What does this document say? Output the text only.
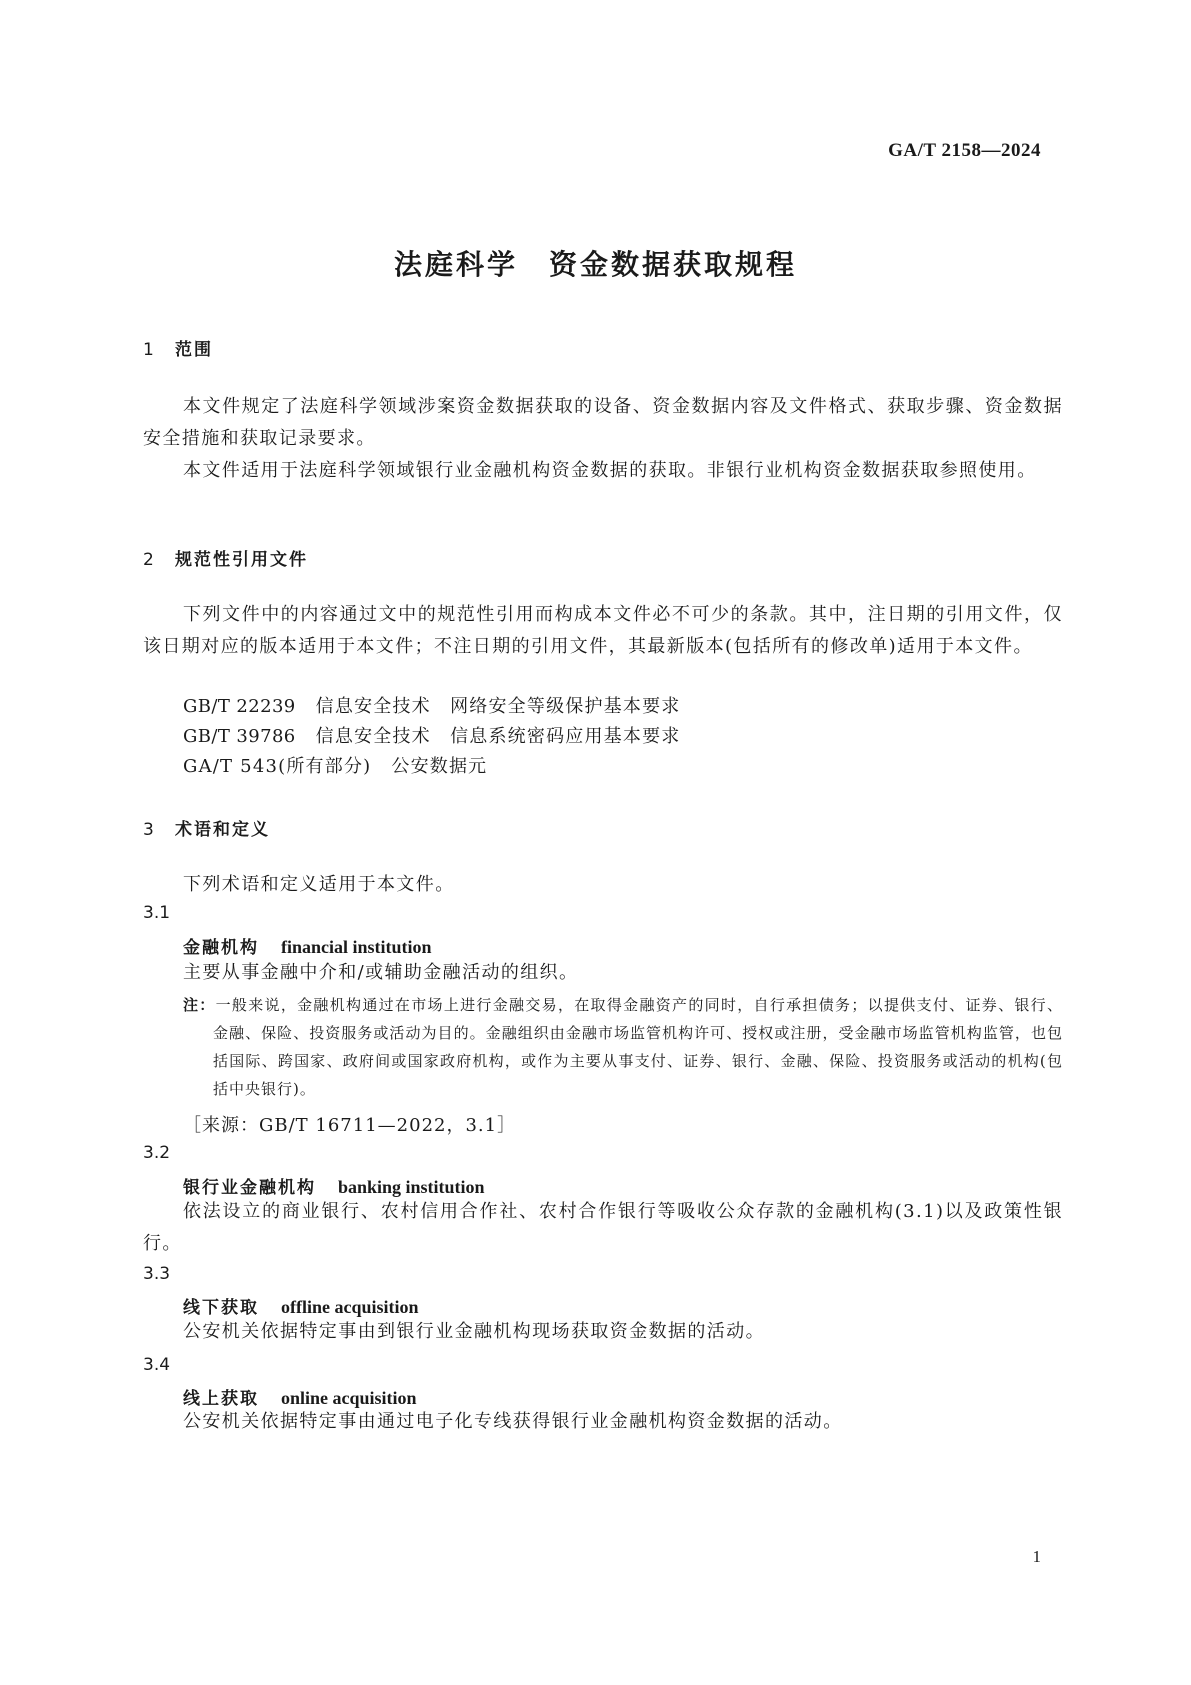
GA/T 2158—2024
法庭科学　资金数据获取规程
1 范围
本文件规定了法庭科学领域涉案资金数据获取的设备、资金数据内容及文件格式、获取步骤、资金数据安全措施和获取记录要求。
本文件适用于法庭科学领域银行业金融机构资金数据的获取。非银行业机构资金数据获取参照使用。
2 规范性引用文件
下列文件中的内容通过文中的规范性引用而构成本文件必不可少的条款。其中，注日期的引用文件，仅该日期对应的版本适用于本文件；不注日期的引用文件，其最新版本(包括所有的修改单)适用于本文件。
GB/T 22239 信息安全技术　网络安全等级保护基本要求
GB/T 39786 信息安全技术　信息系统密码应用基本要求
GA/T 543(所有部分) 公安数据元
3 术语和定义
下列术语和定义适用于本文件。
3.1
金融机构 financial institution
主要从事金融中介和/或辅助金融活动的组织。
注：一般来说，金融机构通过在市场上进行金融交易，在取得金融资产的同时，自行承担债务；以提供支付、证券、银行、金融、保险、投资服务或活动为目的。金融组织由金融市场监管机构许可、授权或注册，受金融市场监管机构监管，也包括国际、跨国家、政府间或国家政府机构，或作为主要从事支付、证券、银行、金融、保险、投资服务或活动的机构(包括中央银行)。
［来源：GB/T 16711—2022，3.1］
3.2
银行业金融机构 banking institution
依法设立的商业银行、农村信用合作社、农村合作银行等吸收公众存款的金融机构(3.1)以及政策性银行。
3.3
线下获取 offline acquisition
公安机关依据特定事由到银行业金融机构现场获取资金数据的活动。
3.4
线上获取 online acquisition
公安机关依据特定事由通过电子化专线获得银行业金融机构资金数据的活动。
1
